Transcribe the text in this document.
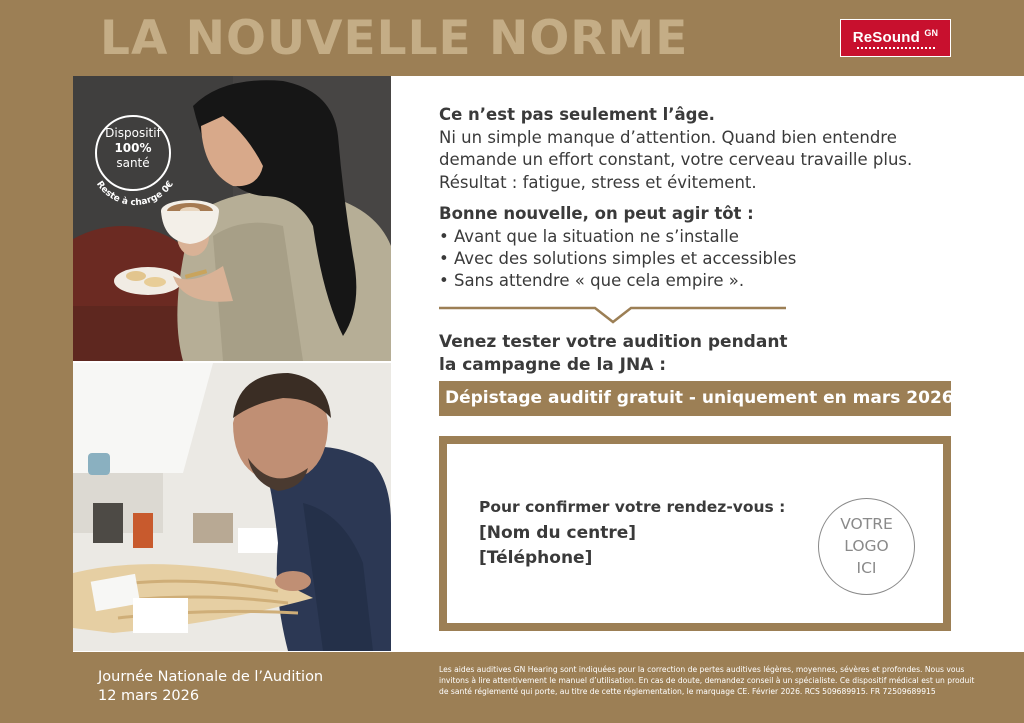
LA NOUVELLE NORME	ReSound $^{GN}$
Reste à charge 0€
Dispositif
100%
santé
Ce n’est pas seulement l’âge.
Ni un simple manque d’attention. Quand bien entendre
demande un effort constant, votre cerveau travaille plus.
Résultat : fatigue, stress et évitement.
Bonne nouvelle, on peut agir tôt :
• Avant que la situation ne s’installe
• Avec des solutions simples et accessibles
• Sans attendre « que cela empire ».
Venez tester votre audition pendant
la campagne de la JNA :
Dépistage auditif gratuit - uniquement en mars 2026
Pour confirmer votre rendez-vous :
[Nom du centre]
[Téléphone]
VOTRE
LOGO
ICI
Journée Nationale de l’Audition
12 mars 2026
Les aides auditives GN Hearing sont indiquées pour la correction de pertes auditives légères, moyennes, sévères et profondes. Nous vous invitons à lire attentivement le manuel d’utilisation. En cas de doute, demandez conseil à un spécialiste. Ce dispositif médical est un produit de santé réglementé qui porte, au titre de cette réglementation, le marquage CE. Février 2026. RCS 509689915. FR 72509689915
